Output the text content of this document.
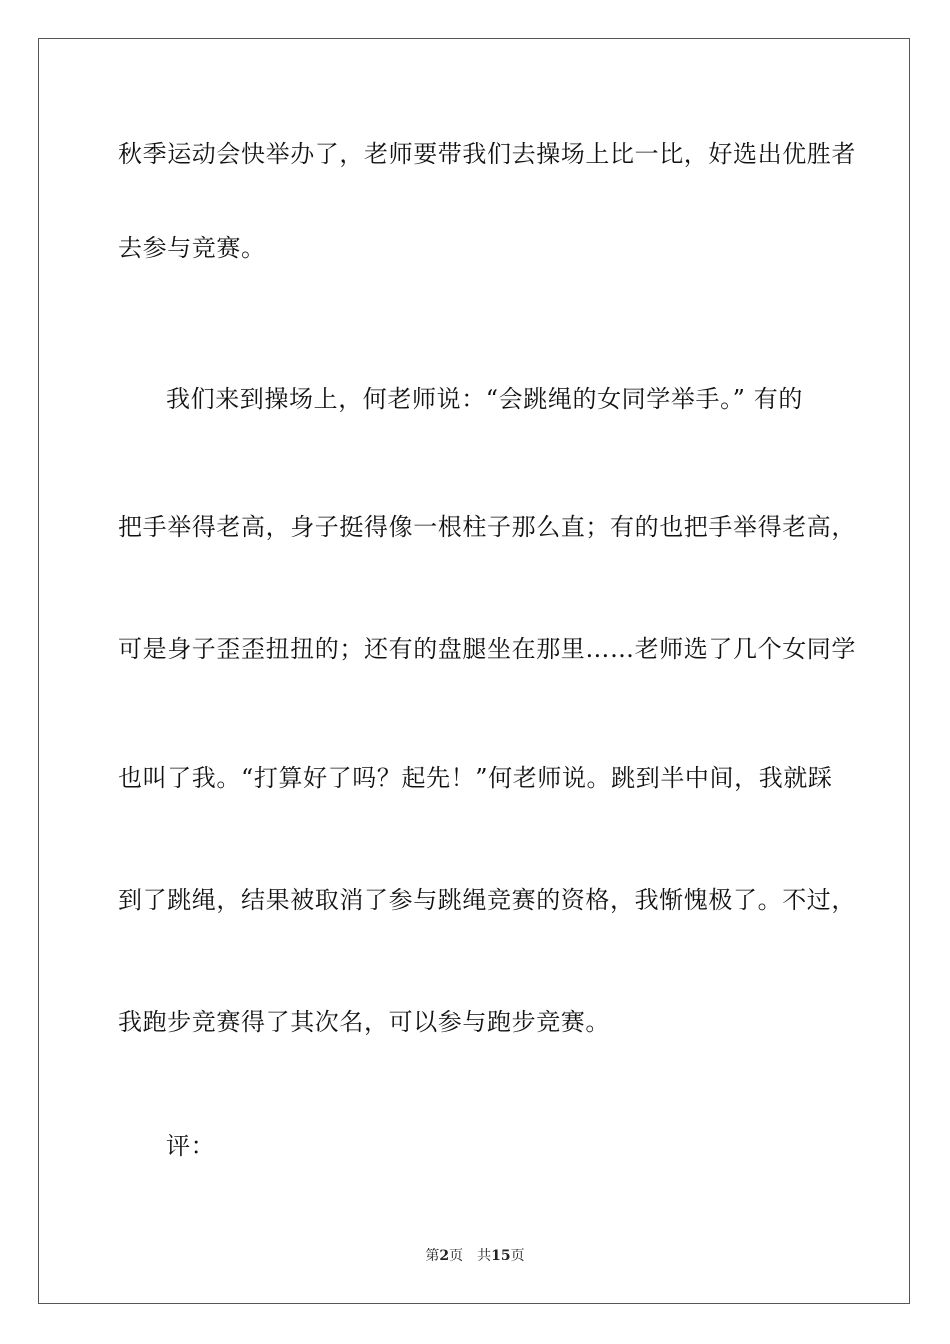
秋季运动会快举办了，老师要带我们去操场上比一比，好选出优胜者
去参与竞赛。
我们来到操场上，何老师说：“会跳绳的女同学举手。” 有的
把手举得老高，身子挺得像一根柱子那么直；有的也把手举得老高，
可是身子歪歪扭扭的；还有的盘腿坐在那里……老师选了几个女同学
也叫了我。“打算好了吗？起先！”何老师说。跳到半中间，我就踩
到了跳绳，结果被取消了参与跳绳竞赛的资格，我惭愧极了。不过，
我跑步竞赛得了其次名，可以参与跑步竞赛。
评：
第2页 共15页
